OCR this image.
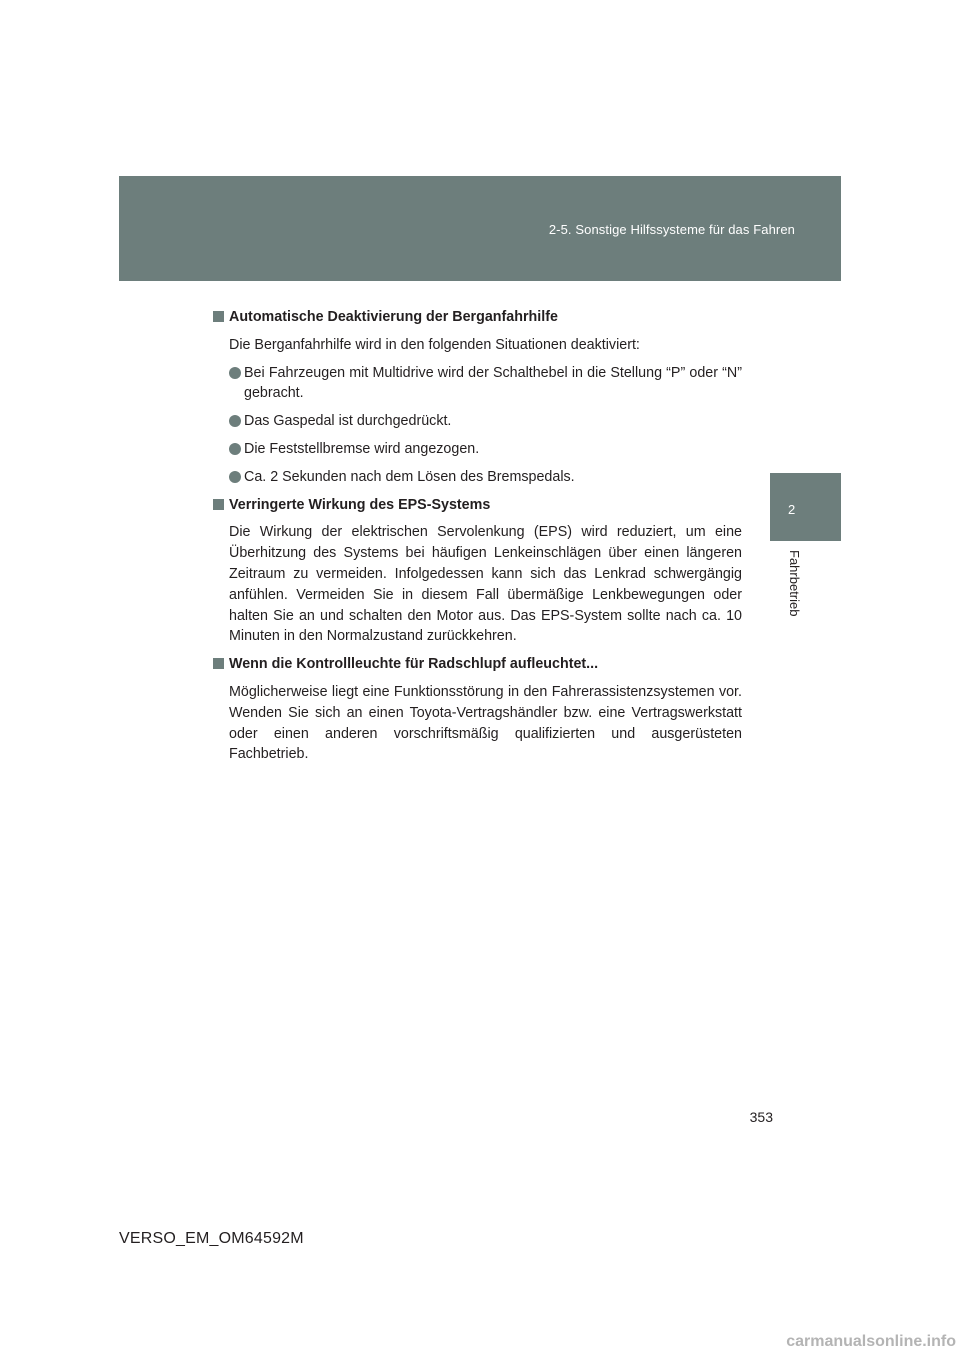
2-5. Sonstige Hilfssysteme für das Fahren
2
Fahrbetrieb
Automatische Deaktivierung der Berganfahrhilfe

Die Berganfahrhilfe wird in den folgenden Situationen deaktiviert:

Bei Fahrzeugen mit Multidrive wird der Schalthebel in die Stellung “P” oder “N” gebracht.
Das Gaspedal ist durchgedrückt.
Die Feststellbremse wird angezogen.
Ca. 2 Sekunden nach dem Lösen des Bremspedals.
Verringerte Wirkung des EPS-Systems

Die Wirkung der elektrischen Servolenkung (EPS) wird reduziert, um eine Überhitzung des Systems bei häufigen Lenkeinschlägen über einen längeren Zeitraum zu vermeiden. Infolgedessen kann sich das Lenkrad schwergängig anfühlen. Vermeiden Sie in diesem Fall übermäßige Lenkbewegungen oder halten Sie an und schalten den Motor aus. Das EPS-System sollte nach ca. 10 Minuten in den Normalzustand zurückkehren.

Wenn die Kontrollleuchte für Radschlupf aufleuchtet...

Möglicherweise liegt eine Funktionsstörung in den Fahrerassistenzsystemen vor. Wenden Sie sich an einen Toyota-Vertragshändler bzw. eine Vertragswerkstatt oder einen anderen vorschriftsmäßig qualifizierten und ausgerüsteten Fachbetrieb.

353
VERSO_EM_OM64592M
carmanualsonline.info
